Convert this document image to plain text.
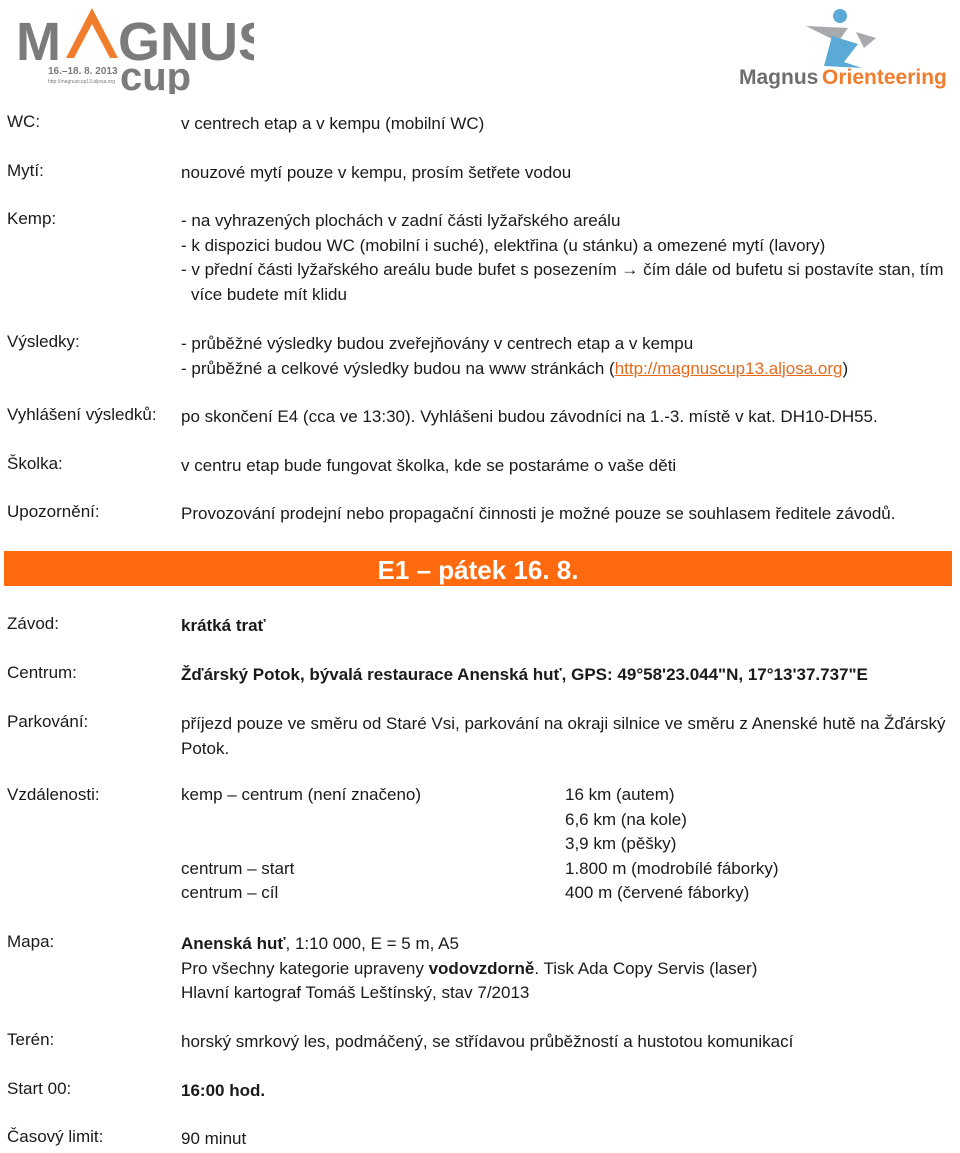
M GNU
cup
16.–18. 8. 2013
http://magnuscup13.aljosa.org	Magnus Orienteering
WC:	v centrech etap a v kempu (mobilní WC)
Mytí:	nouzové mytí pouze v kempu, prosím šetřete vodou
Kemp:	- na vyhrazených plochách v zadní části lyžařského areálu
- k dispozici budou WC (mobilní i suché), elektřina (u stánku) a omezené mytí (lavory)
- v přední části lyžařského areálu bude bufet s posezením → čím dále od bufetu si postavíte stan, tím
více budete mít klidu
Výsledky:	- průběžné výsledky budou zveřejňovány v centrech etap a v kempu
- průběžné a celkové výsledky budou na www stránkách (http://magnuscup13.aljosa.org)
Vyhlášení výsledků: po skončení E4 (cca ve 13:30). Vyhlášeni budou závodníci na 1.-3. místě v kat. DH10-DH55.
Školka:	v centru etap bude fungovat školka, kde se postaráme o vaše děti
Upozornění:	Provozování prodejní nebo propagační činnosti je možné pouze se souhlasem ředitele závodů.
E1 – pátek 16. 8.
Závod:	krátká trať
Centrum:	Žďárský Potok, bývalá restaurace Anenská huť, GPS: 49°58'23.044"N, 17°13'37.737"E
Parkování:	příjezd pouze ve směru od Staré Vsi, parkování na okraji silnice ve směru z Anenské hutě na Žďárský
Potok.
Vzdálenosti:	kemp – centrum (není značeno)	16 km (autem)
6,6 km (na kole)
3,9 km (pěšky)
centrum – start	1.800 m (modrobílé fáborky)
centrum – cíl	400 m (červené fáborky)
Mapa:	Anenská huť, 1:10 000, E = 5 m, A5
Pro všechny kategorie upraveny vodovzdorně. Tisk Ada Copy Servis (laser)
Hlavní kartograf Tomáš Leštínský, stav 7/2013
Terén:	horský smrkový les, podmáčený, se střídavou průběžností a hustotou komunikací
Start 00:	16:00 hod.
Časový limit:	90 minut
